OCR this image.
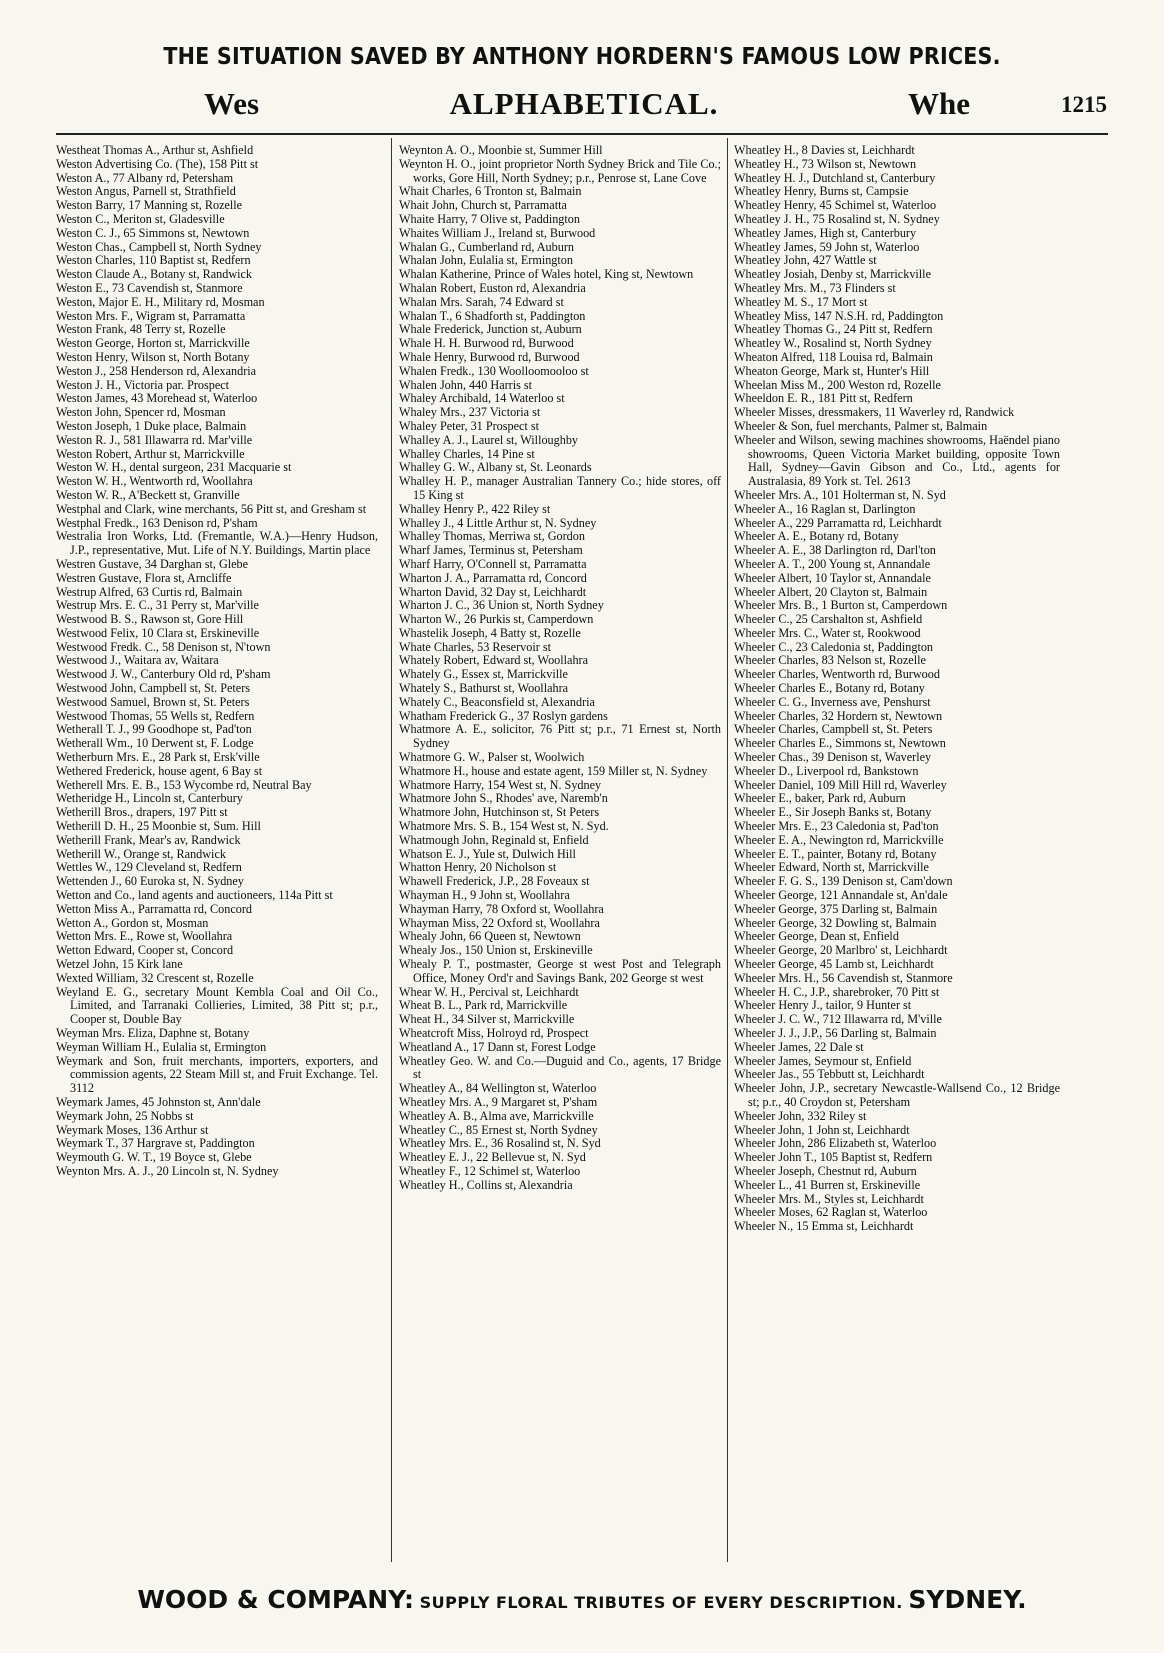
THE SITUATION SAVED BY ANTHONY HORDERN'S FAMOUS LOW PRICES.
ALPHABETICAL.
Wes	Whe	1215

Westheat Thomas A., Arthur st, Ashfield

Weston Advertising Co. (The), 158 Pitt st

Weston A., 77 Albany rd, Petersham

Weston Angus, Parnell st, Strathfield

Weston Barry, 17 Manning st, Rozelle

Weston C., Meriton st, Gladesville

Weston C. J., 65 Simmons st, Newtown

Weston Chas., Campbell st, North Sydney

Weston Charles, 110 Baptist st, Redfern

Weston Claude A., Botany st, Randwick

Weston E., 73 Cavendish st, Stanmore

Weston, Major E. H., Military rd, Mosman

Weston Mrs. F., Wigram st, Parramatta

Weston Frank, 48 Terry st, Rozelle

Weston George, Horton st, Marrickville

Weston Henry, Wilson st, North Botany

Weston J., 258 Henderson rd, Alexandria

Weston J. H., Victoria par. Prospect

Weston James, 43 Morehead st, Waterloo

Weston John, Spencer rd, Mosman

Weston Joseph, 1 Duke place, Balmain

Weston R. J., 581 Illawarra rd. Mar'ville

Weston Robert, Arthur st, Marrickville

Weston W. H., dental surgeon, 231 Macquarie st

Weston W. H., Wentworth rd, Woollahra

Weston W. R., A'Beckett st, Granville

Westphal and Clark, wine merchants, 56 Pitt st, and Gresham st

Westphal Fredk., 163 Denison rd, P'sham

Westralia Iron Works, Ltd. (Fremantle, W.A.)—Henry Hudson, J.P., representative, Mut. Life of N.Y. Buildings, Martin place

Westren Gustave, 34 Darghan st, Glebe

Westren Gustave, Flora st, Arncliffe

Westrup Alfred, 63 Curtis rd, Balmain

Westrup Mrs. E. C., 31 Perry st, Mar'ville

Westwood B. S., Rawson st, Gore Hill

Westwood Felix, 10 Clara st, Erskineville

Westwood Fredk. C., 58 Denison st, N'town

Westwood J., Waitara av, Waitara

Westwood J. W., Canterbury Old rd, P'sham

Westwood John, Campbell st, St. Peters

Westwood Samuel, Brown st, St. Peters

Westwood Thomas, 55 Wells st, Redfern

Wetherall T. J., 99 Goodhope st, Pad'ton

Wetherall Wm., 10 Derwent st, F. Lodge

Wetherburn Mrs. E., 28 Park st, Ersk'ville

Wethered Frederick, house agent, 6 Bay st

Wetherell Mrs. E. B., 153 Wycombe rd, Neutral Bay

Wetheridge H., Lincoln st, Canterbury

Wetherill Bros., drapers, 197 Pitt st

Wetherill D. H., 25 Moonbie st, Sum. Hill

Wetherill Frank, Mear's av, Randwick

Wetherill W., Orange st, Randwick

Wettles W., 129 Cleveland st, Redfern

Wettenden J., 60 Euroka st, N. Sydney

Wetton and Co., land agents and auctioneers, 114a Pitt st

Wetton Miss A., Parramatta rd, Concord

Wetton A., Gordon st, Mosman

Wetton Mrs. E., Rowe st, Woollahra

Wetton Edward, Cooper st, Concord

Wetzel John, 15 Kirk lane

Wexted William, 32 Crescent st, Rozelle

Weyland E. G., secretary Mount Kembla Coal and Oil Co., Limited, and Tarranaki Collieries, Limited, 38 Pitt st; p.r., Cooper st, Double Bay

Weyman Mrs. Eliza, Daphne st, Botany

Weyman William H., Eulalia st, Ermington

Weymark and Son, fruit merchants, importers, exporters, and commission agents, 22 Steam Mill st, and Fruit Exchange. Tel. 3112

Weymark James, 45 Johnston st, Ann'dale

Weymark John, 25 Nobbs st

Weymark Moses, 136 Arthur st

Weymark T., 37 Hargrave st, Paddington

Weymouth G. W. T., 19 Boyce st, Glebe

Weynton Mrs. A. J., 20 Lincoln st, N. Sydney

Weynton A. O., Moonbie st, Summer Hill

Weynton H. O., joint proprietor North Sydney Brick and Tile Co.; works, Gore Hill, North Sydney; p.r., Penrose st, Lane Cove

Whait Charles, 6 Tronton st, Balmain

Whait John, Church st, Parramatta

Whaite Harry, 7 Olive st, Paddington

Whaites William J., Ireland st, Burwood

Whalan G., Cumberland rd, Auburn

Whalan John, Eulalia st, Ermington

Whalan Katherine, Prince of Wales hotel, King st, Newtown

Whalan Robert, Euston rd, Alexandria

Whalan Mrs. Sarah, 74 Edward st

Whalan T., 6 Shadforth st, Paddington

Whale Frederick, Junction st, Auburn

Whale H. H. Burwood rd, Burwood

Whale Henry, Burwood rd, Burwood

Whalen Fredk., 130 Woolloomooloo st

Whalen John, 440 Harris st

Whaley Archibald, 14 Waterloo st

Whaley Mrs., 237 Victoria st

Whaley Peter, 31 Prospect st

Whalley A. J., Laurel st, Willoughby

Whalley Charles, 14 Pine st

Whalley G. W., Albany st, St. Leonards

Whalley H. P., manager Australian Tannery Co.; hide stores, off 15 King st

Whalley Henry P., 422 Riley st

Whalley J., 4 Little Arthur st, N. Sydney

Whalley Thomas, Merriwa st, Gordon

Wharf James, Terminus st, Petersham

Wharf Harry, O'Connell st, Parramatta

Wharton J. A., Parramatta rd, Concord

Wharton David, 32 Day st, Leichhardt

Wharton J. C., 36 Union st, North Sydney

Wharton W., 26 Purkis st, Camperdown

Whastelik Joseph, 4 Batty st, Rozelle

Whate Charles, 53 Reservoir st

Whately Robert, Edward st, Woollahra

Whately G., Essex st, Marrickville

Whately S., Bathurst st, Woollahra

Whately C., Beaconsfield st, Alexandria

Whatham Frederick G., 37 Roslyn gardens

Whatmore A. E., solicitor, 76 Pitt st; p.r., 71 Ernest st, North Sydney

Whatmore G. W., Palser st, Woolwich

Whatmore H., house and estate agent, 159 Miller st, N. Sydney

Whatmore Harry, 154 West st, N. Sydney

Whatmore John S., Rhodes' ave, Naremb'n

Whatmore John, Hutchinson st, St Peters

Whatmore Mrs. S. B., 154 West st, N. Syd.

Whatmough John, Reginald st, Enfield

Whatson E. J., Yule st, Dulwich Hill

Whatton Henry, 20 Nicholson st

Whawell Frederick, J.P., 28 Foveaux st

Whayman H., 9 John st, Woollahra

Whayman Harry, 78 Oxford st, Woollahra

Whayman Miss, 22 Oxford st, Woollahra

Whealy John, 66 Queen st, Newtown

Whealy Jos., 150 Union st, Erskineville

Whealy P. T., postmaster, George st west Post and Telegraph Office, Money Ord'r and Savings Bank, 202 George st west

Whear W. H., Percival st, Leichhardt

Wheat B. L., Park rd, Marrickville

Wheat H., 34 Silver st, Marrickville

Wheatcroft Miss, Holroyd rd, Prospect

Wheatland A., 17 Dann st, Forest Lodge

Wheatley Geo. W. and Co.—Duguid and Co., agents, 17 Bridge st

Wheatley A., 84 Wellington st, Waterloo

Wheatley Mrs. A., 9 Margaret st, P'sham

Wheatley A. B., Alma ave, Marrickville

Wheatley C., 85 Ernest st, North Sydney

Wheatley Mrs. E., 36 Rosalind st, N. Syd

Wheatley E. J., 22 Bellevue st, N. Syd

Wheatley F., 12 Schimel st, Waterloo

Wheatley H., Collins st, Alexandria

Wheatley H., 8 Davies st, Leichhardt

Wheatley H., 73 Wilson st, Newtown

Wheatley H. J., Dutchland st, Canterbury

Wheatley Henry, Burns st, Campsie

Wheatley Henry, 45 Schimel st, Waterloo

Wheatley J. H., 75 Rosalind st, N. Sydney

Wheatley James, High st, Canterbury

Wheatley James, 59 John st, Waterloo

Wheatley John, 427 Wattle st

Wheatley Josiah, Denby st, Marrickville

Wheatley Mrs. M., 73 Flinders st

Wheatley M. S., 17 Mort st

Wheatley Miss, 147 N.S.H. rd, Paddington

Wheatley Thomas G., 24 Pitt st, Redfern

Wheatley W., Rosalind st, North Sydney

Wheaton Alfred, 118 Louisa rd, Balmain

Wheaton George, Mark st, Hunter's Hill

Wheelan Miss M., 200 Weston rd, Rozelle

Wheeldon E. R., 181 Pitt st, Redfern

Wheeler Misses, dressmakers, 11 Waverley rd, Randwick

Wheeler & Son, fuel merchants, Palmer st, Balmain

Wheeler and Wilson, sewing machines showrooms, Haëndel piano showrooms, Queen Victoria Market building, opposite Town Hall, Sydney—Gavin Gibson and Co., Ltd., agents for Australasia, 89 York st. Tel. 2613

Wheeler Mrs. A., 101 Holterman st, N. Syd

Wheeler A., 16 Raglan st, Darlington

Wheeler A., 229 Parramatta rd, Leichhardt

Wheeler A. E., Botany rd, Botany

Wheeler A. E., 38 Darlington rd, Darl'ton

Wheeler A. T., 200 Young st, Annandale

Wheeler Albert, 10 Taylor st, Annandale

Wheeler Albert, 20 Clayton st, Balmain

Wheeler Mrs. B., 1 Burton st, Camperdown

Wheeler C., 25 Carshalton st, Ashfield

Wheeler Mrs. C., Water st, Rookwood

Wheeler C., 23 Caledonia st, Paddington

Wheeler Charles, 83 Nelson st, Rozelle

Wheeler Charles, Wentworth rd, Burwood

Wheeler Charles E., Botany rd, Botany

Wheeler C. G., Inverness ave, Penshurst

Wheeler Charles, 32 Hordern st, Newtown

Wheeler Charles, Campbell st, St. Peters

Wheeler Charles E., Simmons st, Newtown

Wheeler Chas., 39 Denison st, Waverley

Wheeler D., Liverpool rd, Bankstown

Wheeler Daniel, 109 Mill Hill rd, Waverley

Wheeler E., baker, Park rd, Auburn

Wheeler E., Sir Joseph Banks st, Botany

Wheeler Mrs. E., 23 Caledonia st, Pad'ton

Wheeler E. A., Newington rd, Marrickville

Wheeler E. T., painter, Botany rd, Botany

Wheeler Edward, North st, Marrickville

Wheeler F. G. S., 139 Denison st, Cam'down

Wheeler George, 121 Annandale st, An'dale

Wheeler George, 375 Darling st, Balmain

Wheeler George, 32 Dowling st, Balmain

Wheeler George, Dean st, Enfield

Wheeler George, 20 Marlbro' st, Leichhardt

Wheeler George, 45 Lamb st, Leichhardt

Wheeler Mrs. H., 56 Cavendish st, Stanmore

Wheeler H. C., J.P., sharebroker, 70 Pitt st

Wheeler Henry J., tailor, 9 Hunter st

Wheeler J. C. W., 712 Illawarra rd, M'ville

Wheeler J. J., J.P., 56 Darling st, Balmain

Wheeler James, 22 Dale st

Wheeler James, Seymour st, Enfield

Wheeler Jas., 55 Tebbutt st, Leichhardt

Wheeler John, J.P., secretary Newcastle-Wallsend Co., 12 Bridge st; p.r., 40 Croydon st, Petersham

Wheeler John, 332 Riley st

Wheeler John, 1 John st, Leichhardt

Wheeler John, 286 Elizabeth st, Waterloo

Wheeler John T., 105 Baptist st, Redfern

Wheeler Joseph, Chestnut rd, Auburn

Wheeler L., 41 Burren st, Erskineville

Wheeler Mrs. M., Styles st, Leichhardt

Wheeler Moses, 62 Raglan st, Waterloo

Wheeler N., 15 Emma st, Leichhardt

WOOD & COMPANY: SUPPLY FLORAL TRIBUTES OF EVERY DESCRIPTION. SYDNEY.
